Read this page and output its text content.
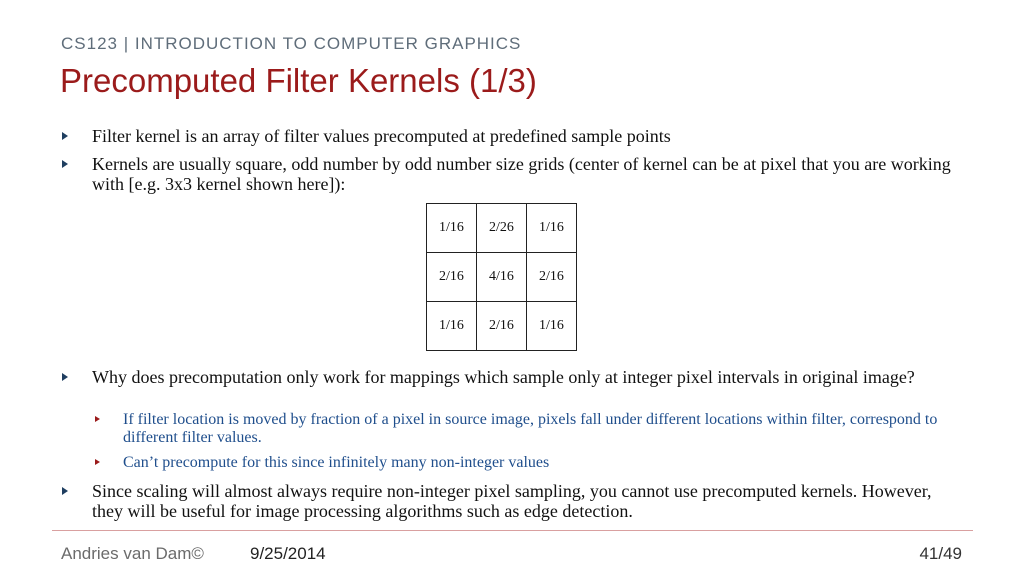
CS123 | INTRODUCTION TO COMPUTER GRAPHICS
Precomputed Filter Kernels (1/3)
Filter kernel is an array of filter values precomputed at predefined sample points
Kernels are usually square, odd number by odd number size grids (center of kernel can be at pixel that you are working with [e.g. 3x3 kernel shown here]):
1/16	2/26	1/16
2/16	4/16	2/16
1/16	2/16	1/16
Why does precomputation only work for mappings which sample only at integer pixel intervals in original image?
If filter location is moved by fraction of a pixel in source image, pixels fall under different locations within filter, correspond to different filter values.
Can’t precompute for this since infinitely many non-integer values
Since scaling will almost always require non-integer pixel sampling, you cannot use precomputed kernels. However, they will be useful for image processing algorithms such as edge detection.
Andries van Dam©	9/25/2014	41/49
